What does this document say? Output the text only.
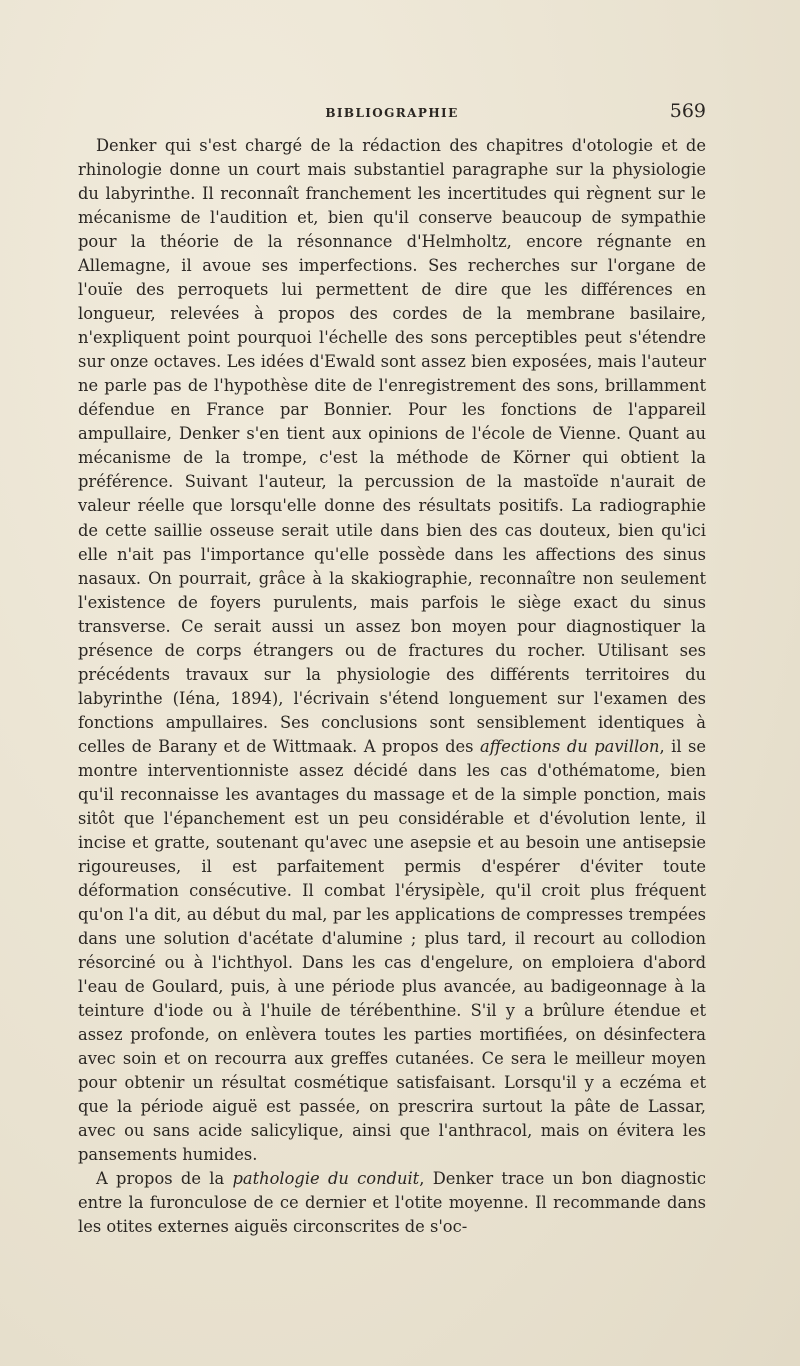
BIBLIOGRAPHIE	569

Denker qui s'est chargé de la rédaction des chapitres d'otologie et de rhinologie donne un court mais substantiel paragraphe sur la physiologie du labyrinthe. Il reconnaît franchement les incertitudes qui règnent sur le mécanisme de l'audition et, bien qu'il conserve beaucoup de sympathie pour la théorie de la résonnance d'Helmholtz, encore régnante en Allemagne, il avoue ses imperfections. Ses recherches sur l'organe de l'ouïe des perroquets lui permettent de dire que les différences en longueur, relevées à propos des cordes de la membrane basilaire, n'expliquent point pourquoi l'échelle des sons perceptibles peut s'étendre sur onze octaves. Les idées d'Ewald sont assez bien exposées, mais l'auteur ne parle pas de l'hypothèse dite de l'enregistrement des sons, brillamment défendue en France par Bonnier. Pour les fonctions de l'appareil ampullaire, Denker s'en tient aux opinions de l'école de Vienne. Quant au mécanisme de la trompe, c'est la méthode de Körner qui obtient la préférence. Suivant l'auteur, la percussion de la mastoïde n'aurait de valeur réelle que lorsqu'elle donne des résultats positifs. La radiographie de cette saillie osseuse serait utile dans bien des cas douteux, bien qu'ici elle n'ait pas l'importance qu'elle possède dans les affections des sinus nasaux. On pourrait, grâce à la skakiographie, reconnaître non seulement l'existence de foyers purulents, mais parfois le siège exact du sinus transverse. Ce serait aussi un assez bon moyen pour diagnostiquer la présence de corps étrangers ou de fractures du rocher. Utilisant ses précédents travaux sur la physiologie des différents territoires du labyrinthe (Iéna, 1894), l'écrivain s'étend longuement sur l'examen des fonctions ampullaires. Ses conclusions sont sensiblement identiques à celles de Barany et de Wittmaak. A propos des affections du pavillon, il se montre interventionniste assez décidé dans les cas d'othématome, bien qu'il reconnaisse les avantages du massage et de la simple ponction, mais sitôt que l'épanchement est un peu considérable et d'évolution lente, il incise et gratte, soutenant qu'avec une asepsie et au besoin une antisepsie rigoureuses, il est parfaitement permis d'espérer d'éviter toute déformation consécutive. Il combat l'érysipèle, qu'il croit plus fréquent qu'on l'a dit, au début du mal, par les applications de compresses trempées dans une solution d'acétate d'alumine ; plus tard, il recourt au collodion résorciné ou à l'ichthyol. Dans les cas d'engelure, on emploiera d'abord l'eau de Goulard, puis, à une période plus avancée, au badigeonnage à la teinture d'iode ou à l'huile de térébenthine. S'il y a brûlure étendue et assez profonde, on enlèvera toutes les parties mortifiées, on désinfectera avec soin et on recourra aux greffes cutanées. Ce sera le meilleur moyen pour obtenir un résultat cosmétique satisfaisant. Lorsqu'il y a eczéma et que la période aiguë est passée, on prescrira surtout la pâte de Lassar, avec ou sans acide salicylique, ainsi que l'anthracol, mais on évitera les pansements humides.

A propos de la pathologie du conduit, Denker trace un bon diagnostic entre la furonculose de ce dernier et l'otite moyenne. Il recommande dans les otites externes aiguës circonscrites de s'oc-
